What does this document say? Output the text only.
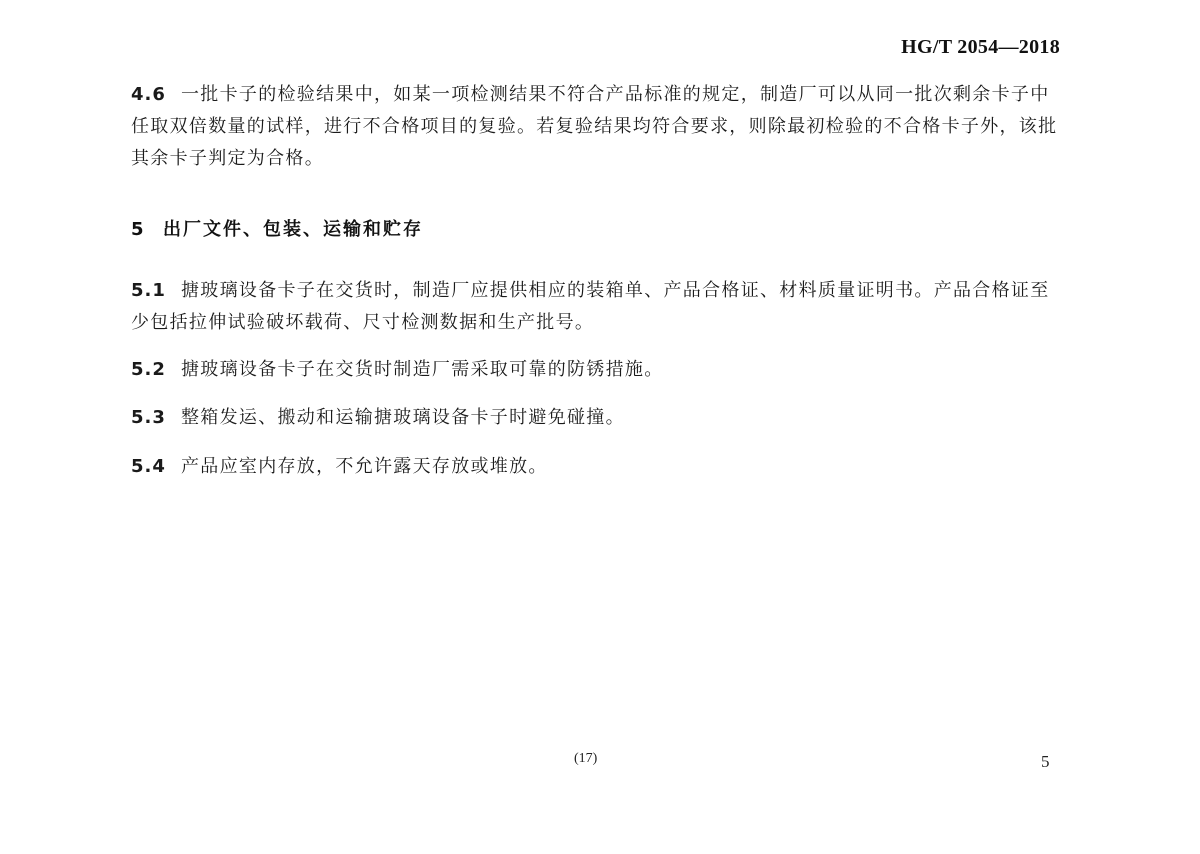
HG/T 2054—2018
4.6 一批卡子的检验结果中，如某一项检测结果不符合产品标准的规定，制造厂可以从同一批次剩余卡子中任取双倍数量的试样，进行不合格项目的复验。若复验结果均符合要求，则除最初检验的不合格卡子外，该批其余卡子判定为合格。
5 出厂文件、包装、运输和贮存
5.1 搪玻璃设备卡子在交货时，制造厂应提供相应的装箱单、产品合格证、材料质量证明书。产品合格证至少包括拉伸试验破坏载荷、尺寸检测数据和生产批号。
5.2 搪玻璃设备卡子在交货时制造厂需采取可靠的防锈措施。
5.3 整箱发运、搬动和运输搪玻璃设备卡子时避免碰撞。
5.4 产品应室内存放，不允许露天存放或堆放。
(17)	5
